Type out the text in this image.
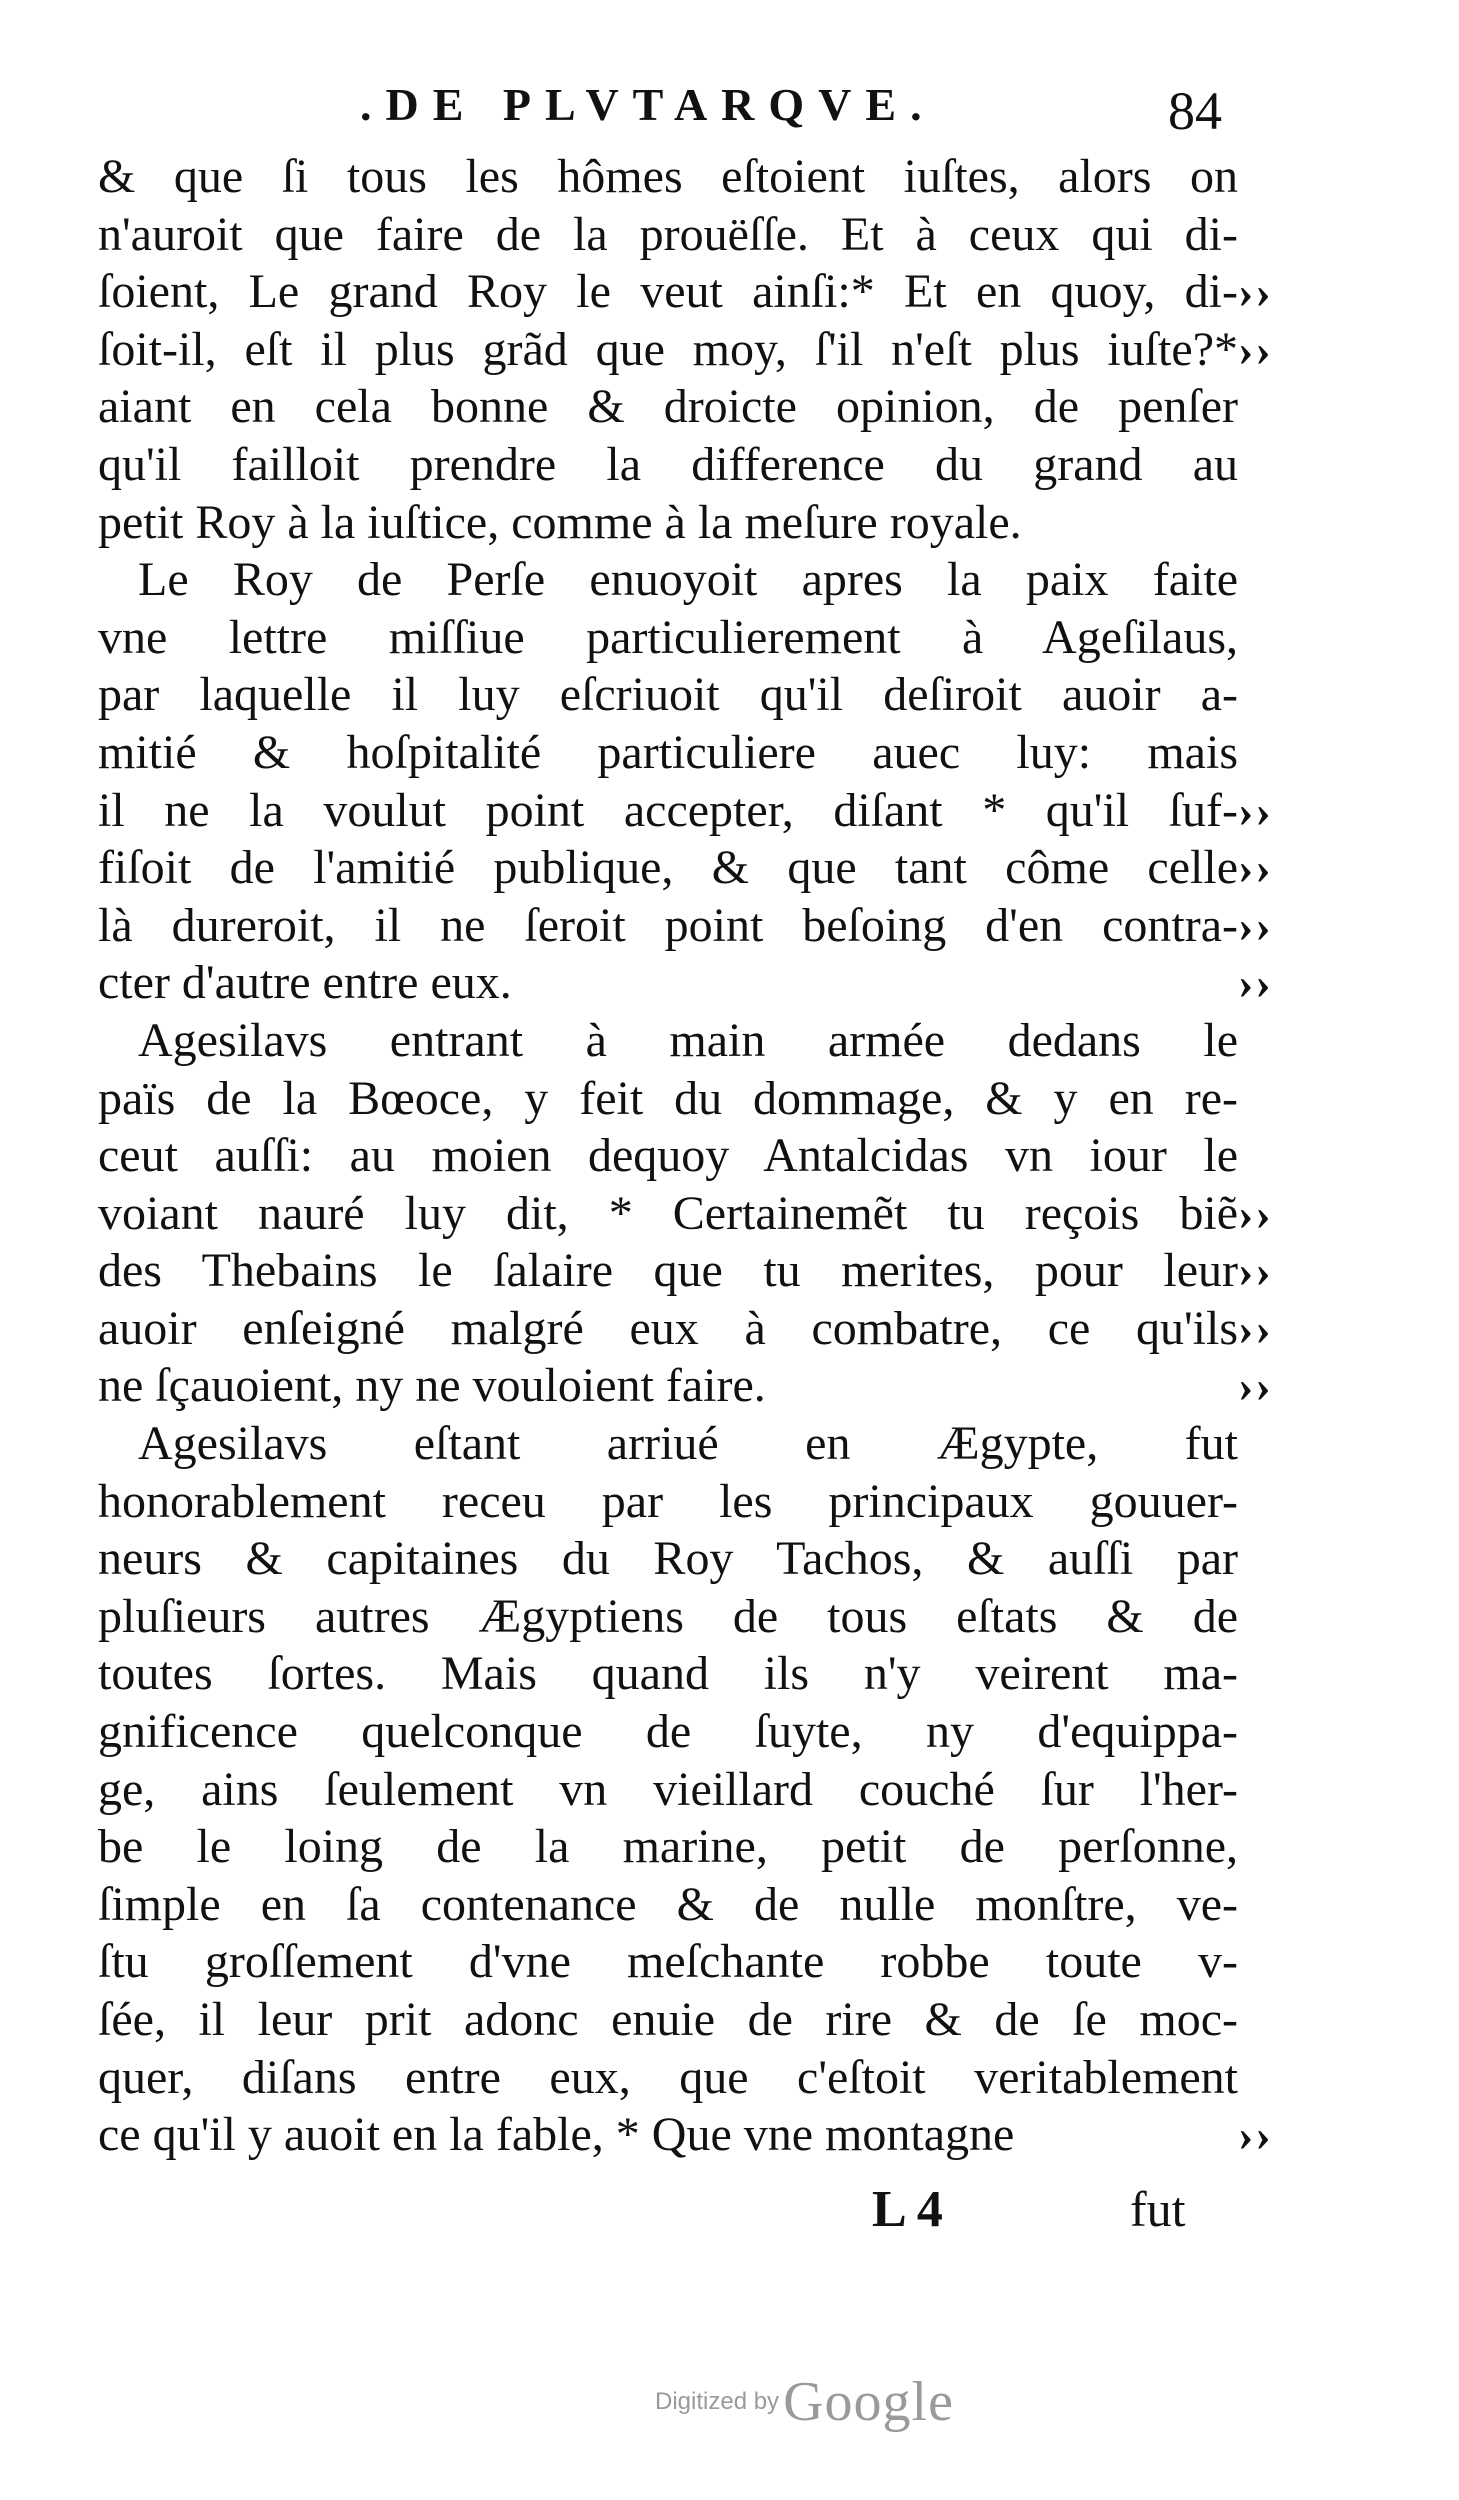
.DE PLVTARQVE.	84
& que ſi tous les hômes eſtoient iuſtes, alors on
n'auroit que faire de la prouëſſe. Et à ceux qui di-
ſoient, Le grand Roy le veut ainſi:* Et en quoy, di-
ſoit-il, eſt il plus grãd que moy, ſ'il n'eſt plus iuſte?*
aiant en cela bonne & droicte opinion, de penſer
qu'il failloit prendre la difference du grand au
petit Roy à la iuſtice, comme à la meſure royale.
Le Roy de Perſe enuoyoit apres la paix faite
vne lettre miſſiue particulierement à Ageſilaus,
par laquelle il luy eſcriuoit qu'il deſiroit auoir a-
mitié & hoſpitalité particuliere auec luy: mais
il ne la voulut point accepter, diſant * qu'il ſuf-
fiſoit de l'amitié publique, & que tant côme celle
là dureroit, il ne ſeroit point beſoing d'en contra-
cter d'autre entre eux.
Agesilavs entrant à main armée dedans le
païs de la Bœoce, y feit du dommage, & y en re-
ceut auſſi: au moien dequoy Antalcidas vn iour le
voiant nauré luy dit, * Certainemẽt tu reçois biẽ
des Thebains le ſalaire que tu merites, pour leur
auoir enſeigné malgré eux à combatre, ce qu'ils
ne ſçauoient, ny ne vouloient faire.
Agesilavs eſtant arriué en Ægypte, fut
honorablement receu par les principaux gouuer-
neurs & capitaines du Roy Tachos, & auſſi par
pluſieurs autres Ægyptiens de tous eſtats & de
toutes ſortes. Mais quand ils n'y veirent ma-
gnificence quelconque de ſuyte, ny d'equippa-
ge, ains ſeulement vn vieillard couché ſur l'her-
be le loing de la marine, petit de perſonne,
ſimple en ſa contenance & de nulle monſtre, ve-
ſtu groſſement d'vne meſchante robbe toute v-
ſée, il leur prit adonc enuie de rire & de ſe moc-
quer, diſans entre eux, que c'eſtoit veritablement
ce qu'il y auoit en la fable, * Que vne montagne
››
››
››
››
››
››
››
››
››
››
››
L 4	fut
Digitized by Google
